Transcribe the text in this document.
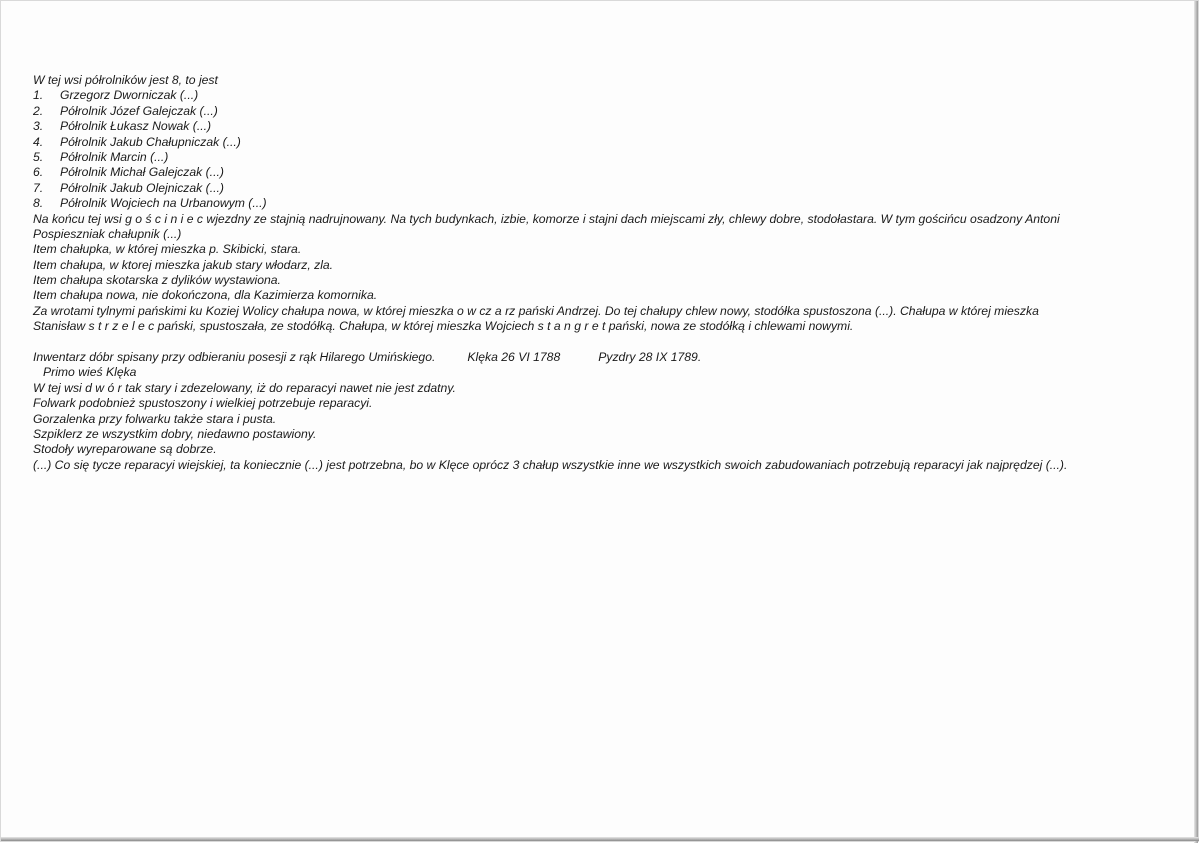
W tej wsi półrolników jest 8, to jest
1. Grzegorz Dworniczak (...)
2. Półrolnik Józef Galejczak (...)
3. Półrolnik Łukasz Nowak (...)
4. Półrolnik Jakub Chałupniczak (...)
5. Półrolnik Marcin (...)
6. Półrolnik Michał Galejczak (...)
7. Półrolnik Jakub Olejniczak (...)
8. Półrolnik Wojciech na Urbanowym (...)
Na końcu tej wsi g o ś c i n i e c wjezdny ze stajnią nadrujnowany. Na tych budynkach, izbie, komorze i stajni dach miejscami zły, chlewy dobre, stodołastara. W tym gościńcu osadzony Antoni
Pospieszniak chałupnik (...)
Item chałupka, w której mieszka p. Skibicki, stara.
Item chałupa, w ktorej mieszka jakub stary włodarz, zla.
Item chałupa skotarska z dylików wystawiona.
Item chałupa nowa, nie dokończona, dla Kazimierza komornika.
Za wrotami tylnymi pańskimi ku Koziej Wolicy chałupa nowa, w której mieszka o w cz a rz pański Andrzej. Do tej chałupy chlew nowy, stodółka spustoszona (...). Chałupa w której mieszka
Stanisław s t r z e l e c pański, spustoszała, ze stodółką. Chałupa, w której mieszka Wojciech s t a n g r e t pański, nowa ze stodółką i chlewami nowymi.
Inwentarz dóbr spisany przy odbieraniu posesji z rąk Hilarego Umińskiego.	Klęka 26 VI 1788	Pyzdry 28 IX 1789.
Primo wieś Klęka
W tej wsi d w ó r tak stary i zdezelowany, iż do reparacyi nawet nie jest zdatny.
Folwark podobnież spustoszony i wielkiej potrzebuje reparacyi.
Gorzalenka przy folwarku także stara i pusta.
Szpiklerz ze wszystkim dobry, niedawno postawiony.
Stodoły wyreparowane są dobrze.
(...) Co się tycze reparacyi wiejskiej, ta koniecznie (...) jest potrzebna, bo w Klęce oprócz 3 chałup wszystkie inne we wszystkich swoich zabudowaniach potrzebują reparacyi jak najprędzej (...).
